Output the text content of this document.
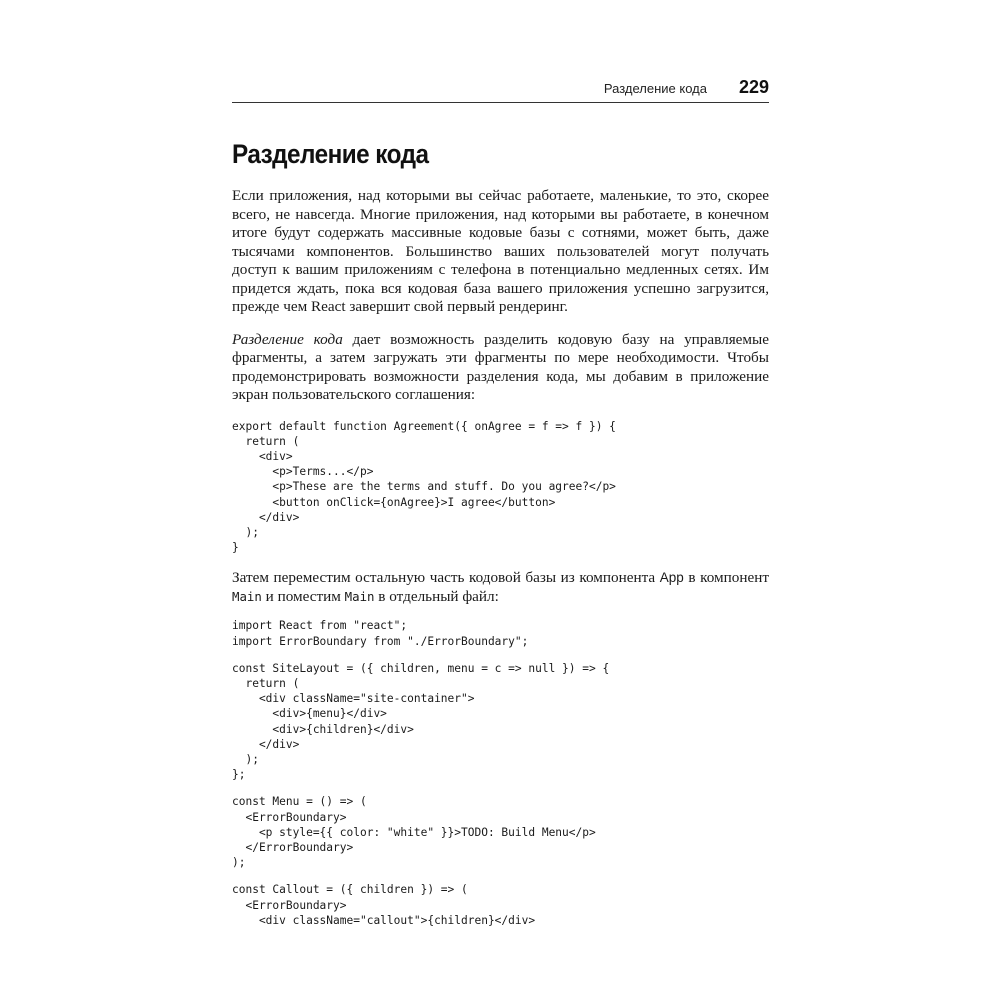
Разделение кода 229
Разделение кода

Если приложения, над которыми вы сейчас работаете, маленькие, то это, скорее всего, не навсегда. Многие приложения, над которыми вы работаете, в конечном итоге будут содержать массивные кодовые базы с сотнями, может быть, даже тысячами компонентов. Большинство ваших пользователей могут получать доступ к вашим приложениям с телефона в потенциально медленных сетях. Им придется ждать, пока вся кодовая база вашего приложения успешно загрузится, прежде чем React завершит свой первый рендеринг.

Разделение кода дает возможность разделить кодовую базу на управляемые фрагменты, а затем загружать эти фрагменты по мере необходимости. Чтобы продемонстрировать возможности разделения кода, мы добавим в приложение экран пользовательского соглашения:

export default function Agreement({ onAgree = f => f }) {
return (
<div>
<p>Terms...</p>
<p>These are the terms and stuff. Do you agree?</p>
<button onClick={onAgree}>I agree</button>
</div>
);
}

Затем переместим остальную часть кодовой базы из компонента App в компонент Main и поместим Main в отдельный файл:

import React from "react";
import ErrorBoundary from "./ErrorBoundary";
const SiteLayout = ({ children, menu = c => null }) => {
return (
<div className="site-container">
<div>{menu}</div>
<div>{children}</div>
</div>
);
};
const Menu = () => (
<ErrorBoundary>
<p style={{ color: "white" }}>TODO: Build Menu</p>
</ErrorBoundary>
);
const Callout = ({ children }) => (
<ErrorBoundary>
<div className="callout">{children}</div>
